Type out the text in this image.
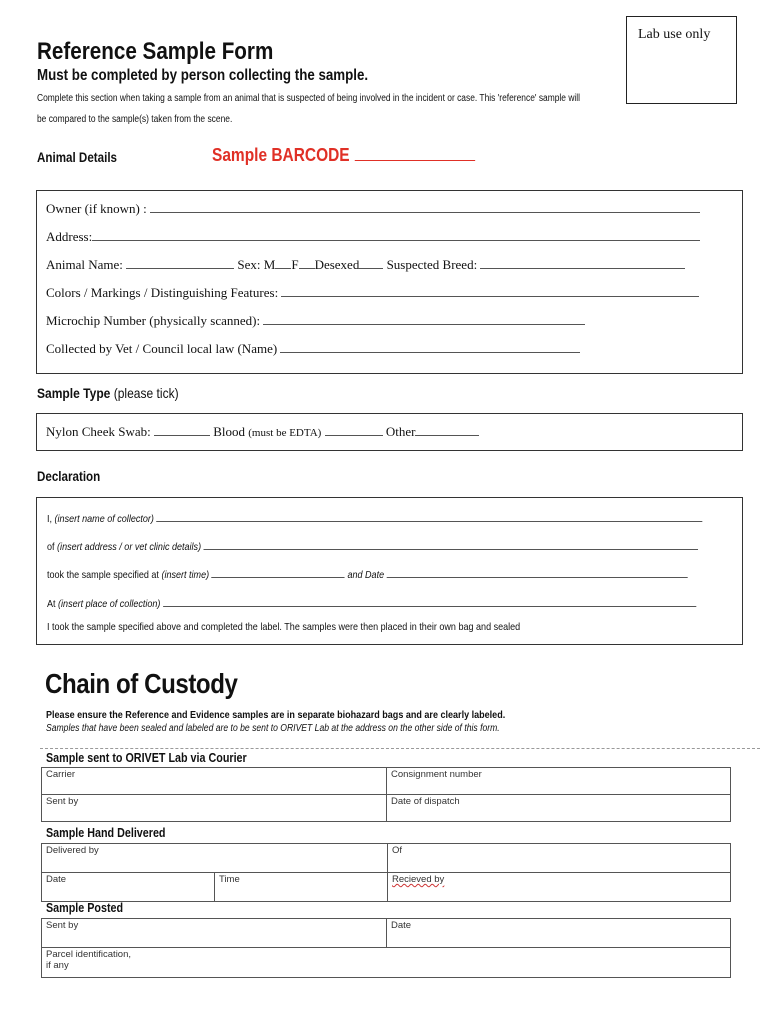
Lab use only
Reference Sample Form
Must be completed by person collecting the sample.
Complete this section when taking a sample from an animal that is suspected of being involved in the incident or case. This 'reference' sample will
be compared to the sample(s) taken from the scene.
Animal Details	Sample BARCODE
Owner (if known) :
Address:
Animal Name:	Sex: M F Desexed Suspected Breed:
Colors / Markings / Distinguishing Features:
Microchip Number (physically scanned):
Collected by Vet / Council local law (Name)
Sample Type (please tick)
Nylon Cheek Swab:	Blood (must be EDTA)	Other
Declaration
I, (insert name of collector)
of (insert address / or vet clinic details)
took the sample specified at (insert time)	and Date
At (insert place of collection)
I took the sample specified above and completed the label. The samples were then placed in their own bag and sealed
Chain of Custody
Please ensure the Reference and Evidence samples are in separate biohazard bags and are clearly labeled.
Samples that have been sealed and labeled are to be sent to ORIVET Lab at the address on the other side of this form.
Sample sent to ORIVET Lab via Courier
Carrier	Consignment number
Sent by	Date of dispatch
Sample Hand Delivered
Delivered by		Of
Date	Time	Recieved by
Sample Posted
Sent by	Date

Parcel identification,
if any
